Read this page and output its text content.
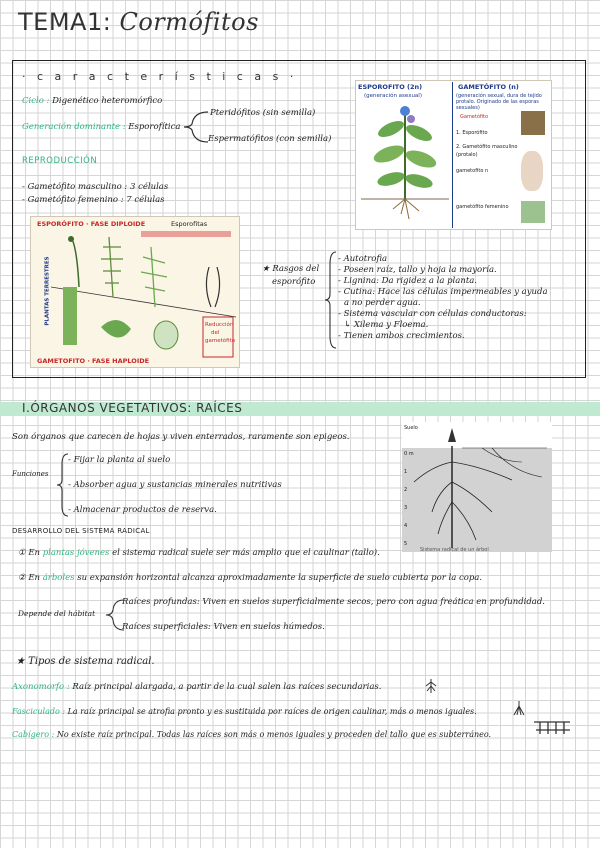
TEMA1: Cormófitos
· c a r a c t e r í s t i c a s ·
Ciclo : Digenético heteromórfico
Generación dominante : Esporofítica
Pteridófitos (sin semilla)
Espermatófitos (con semilla)
REPRODUCCIÓN
- Gametófito masculino : 3 células
- Gametófito femenino : 7 células
ESPOROFITO (2n)
(generación asexual)
GAMETÓFITO (n)
(generación sexual, dura de tejido
protalo. Originado de las esporas
sexuales)
Gametófito
1. Esporófito
2. Gametófito masculino
(protalo)
gametofito n
gametófito femenino
ESPORÓFITO · FASE DIPLOIDE	Esporofitas
GAMETOFITO · FASE HAPLOIDE
PLANTAS TERRESTRES	Reducción
del
gametófito
★ Rasgos del
esporófito
- Autotrofia
- Poseen raíz, tallo y hoja la mayoría.
- Lignina: Da rigidez a la planta.
- Cutina: Hace las células impermeables y ayuda
a no perder agua.
- Sistema vascular con células conductoras:
↳ Xilema y Floema.
- Tienen ambos crecimientos.
I.ÓRGANOS VEGETATIVOS: RAÍCES
Son órganos que carecen de hojas y viven enterrados, raramente son epigeos.
Funciones
- Fijar la planta al suelo
- Absorber agua y sustancias minerales nutritivas
- Almacenar productos de reserva.
Suelo
0 m
1
2
3
4
5
Sistema radical de un árbol
DESARROLLO DEL SISTEMA RADICAL
① En plantas jóvenes el sistema radical suele ser más amplio que el caulinar (tallo).
② En árboles su expansión horizontal alcanza aproximadamente la superficie de suelo cubierta por la copa.
Depende del hábitat
Raíces profundas: Viven en suelos superficialmente secos, pero con agua freática en profundidad.
Raíces superficiales: Viven en suelos húmedos.
★ Tipos de sistema radical.
Axonomorfo : Raíz principal alargada, a partir de la cual salen las raíces secundarias.
Fasciculado : La raíz principal se atrofia pronto y es sustituida por raíces de origen caulinar, más o menos iguales.
Cabígero : No existe raíz principal. Todas las raíces son más o menos iguales y proceden del tallo que es subterráneo.
